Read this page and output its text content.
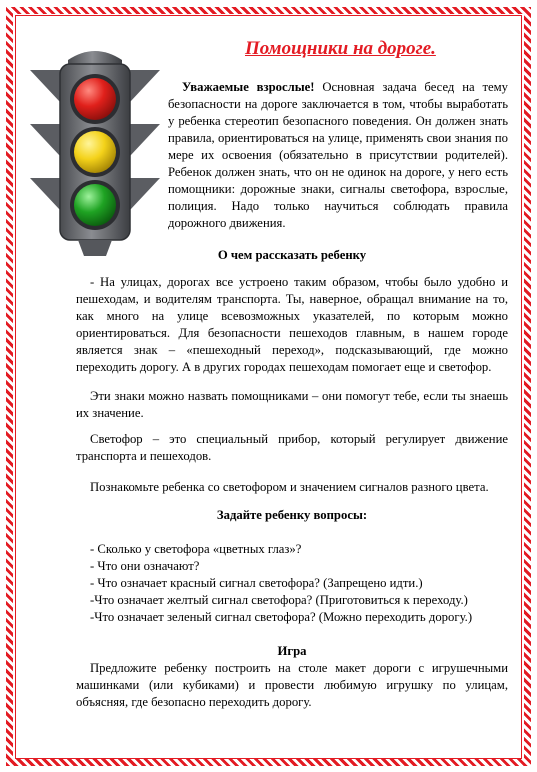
Помощники на дороге.

Уважаемые взрослые! Основная задача бесед на тему безопасности на дороге заключается в том, чтобы выработать у ребенка стереотип безопасного поведения. Он должен знать правила, ориентироваться на улице, применять свои знания по мере их освоения (обязательно в присутствии родителей). Ребенок должен знать, что он не одинок на дороге, у него есть помощники: дорожные знаки, сигналы светофора, взрослые, полиция. Надо только научиться соблюдать правила дорожного движения.

О чем рассказать ребенку

- На улицах, дорогах все устроено таким образом, чтобы было удобно и пешеходам, и водителям транспорта. Ты, наверное, обращал внимание на то, как много на улице всевозможных указателей, по которым можно ориентироваться. Для безопасности пешеходов главным, в нашем городе является знак – «пешеходный переход», подсказывающий, где можно переходить дорогу. А в других городах пешеходам помогает еще и светофор.

Эти знаки можно назвать помощниками – они помогут тебе, если ты знаешь их значение.

Светофор – это специальный прибор, который регулирует движение транспорта и пешеходов.

Познакомьте ребенка со светофором и значением сигналов разного цвета.

Задайте ребенку вопросы:

- Сколько у светофора «цветных глаз»?

- Что они означают?

- Что означает красный сигнал светофора? (Запрещено идти.)

-Что означает желтый сигнал светофора? (Приготовиться к переходу.)

-Что означает зеленый сигнал светофора? (Можно переходить дорогу.)

Игра

Предложите ребенку построить на столе макет дороги с игрушечными машинками (или кубиками) и провести любимую игрушку по улицам, объясняя, где безопасно переходить дорогу.
